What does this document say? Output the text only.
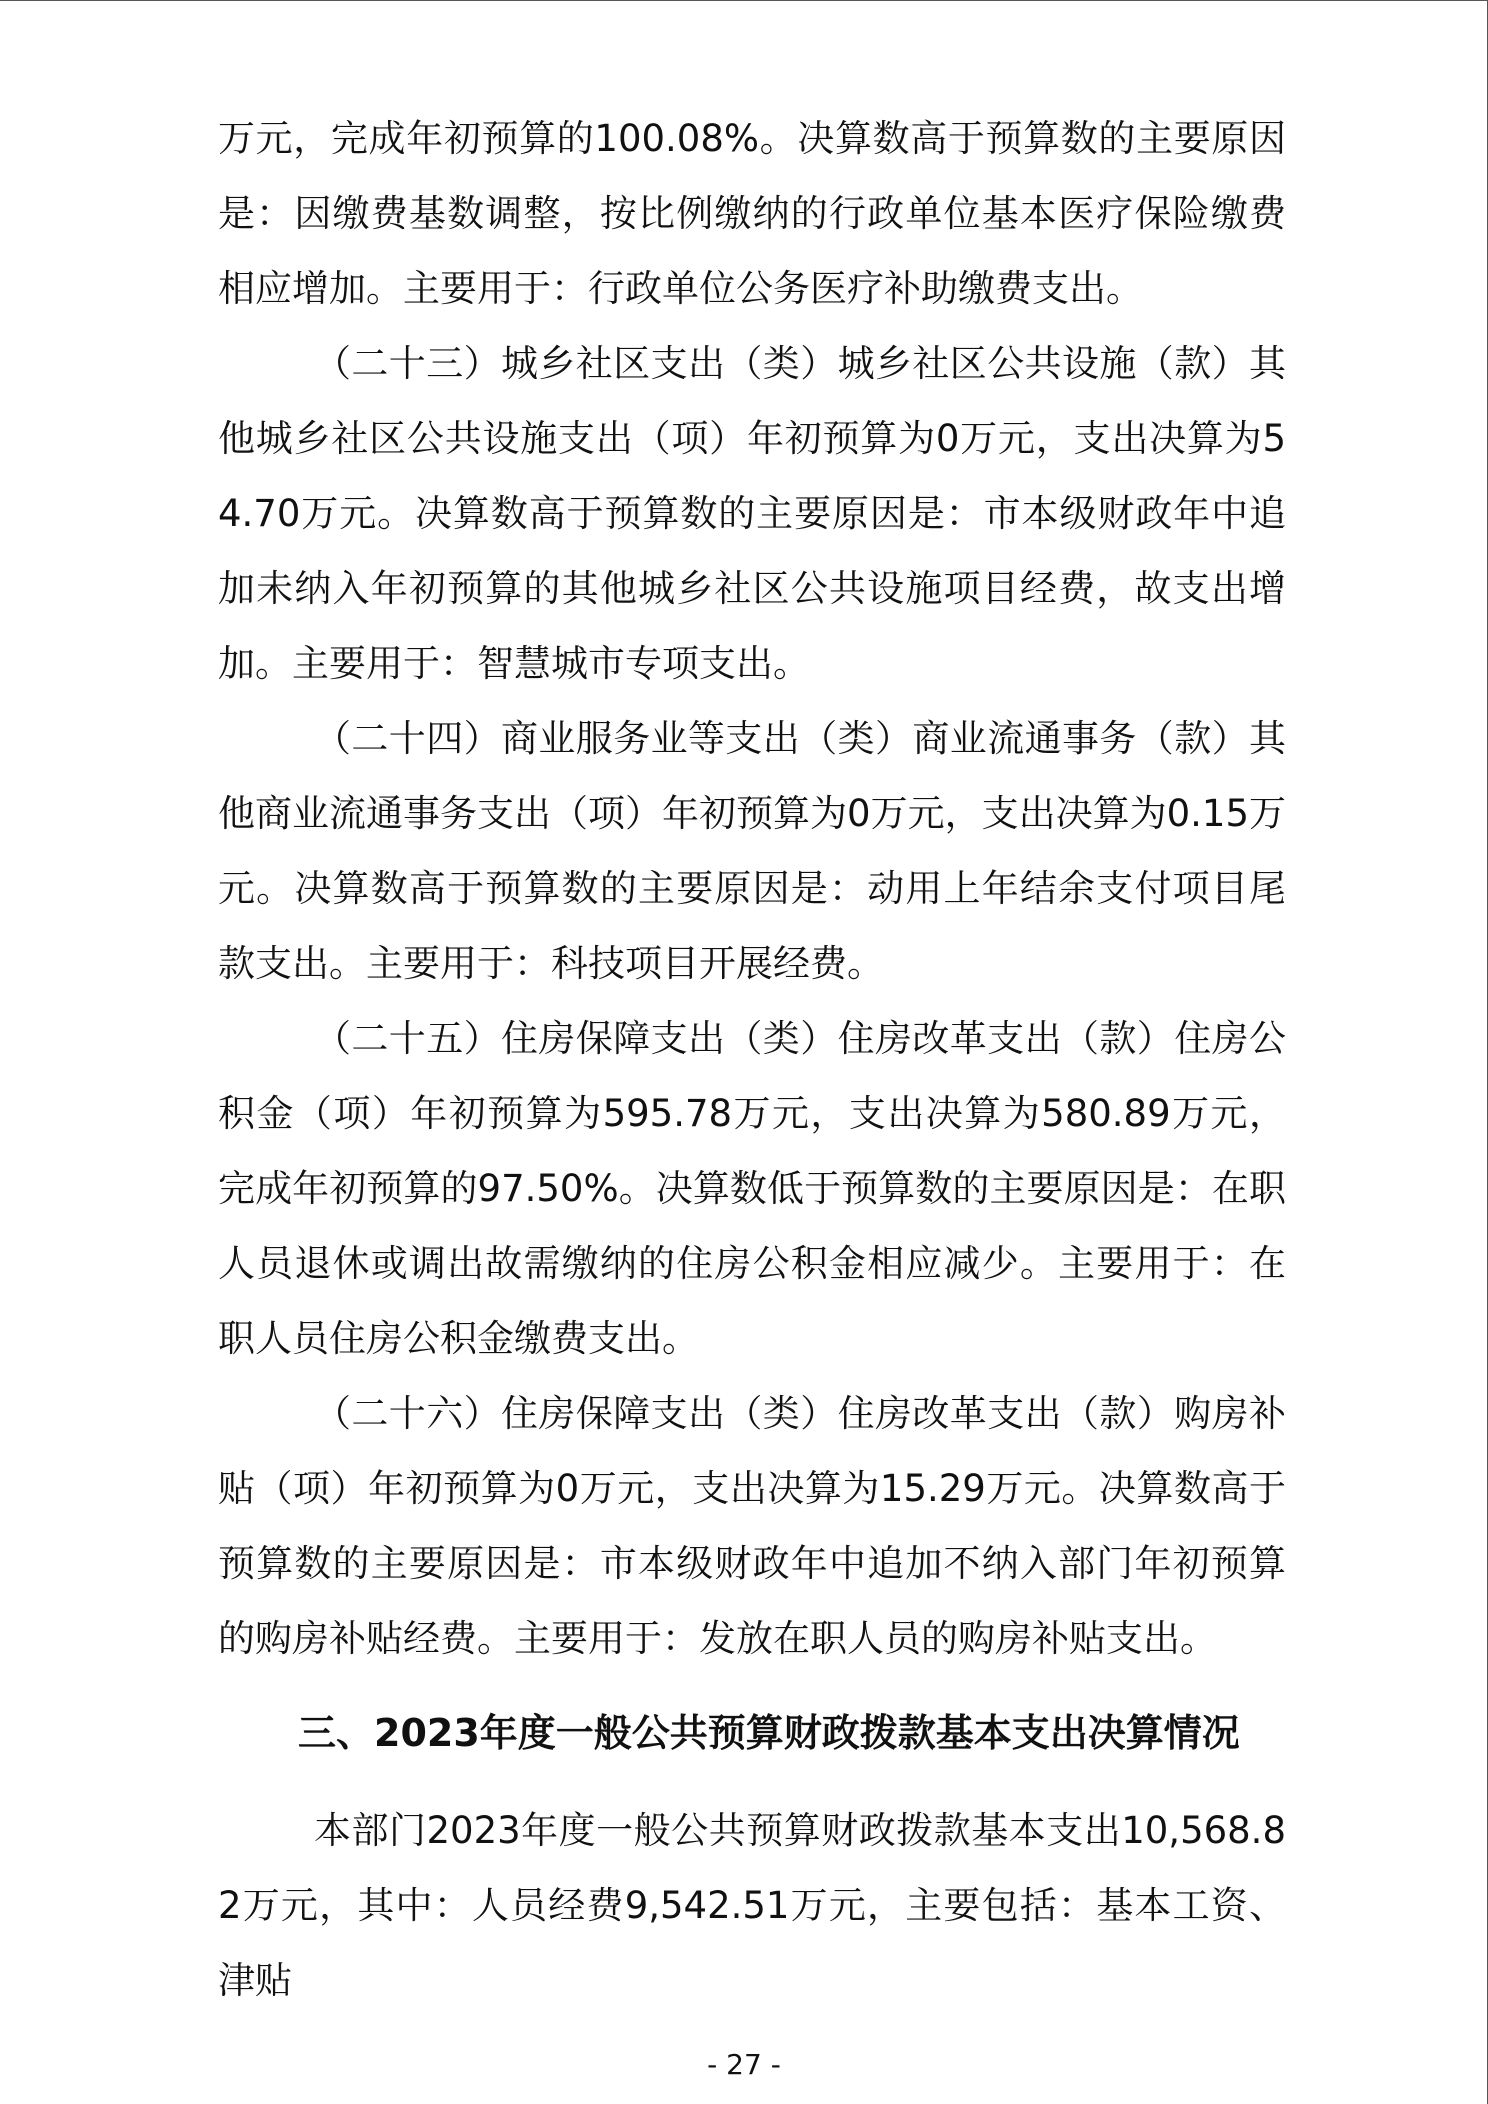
万元，完成年初预算的100.08%。决算数高于预算数的主要原因是：因缴费基数调整，按比例缴纳的行政单位基本医疗保险缴费相应增加。主要用于：行政单位公务医疗补助缴费支出。

（二十三）城乡社区支出（类）城乡社区公共设施（款）其他城乡社区公共设施支出（项）年初预算为0万元，支出决算为54.70万元。决算数高于预算数的主要原因是：市本级财政年中追加未纳入年初预算的其他城乡社区公共设施项目经费，故支出增加。主要用于：智慧城市专项支出。

（二十四）商业服务业等支出（类）商业流通事务（款）其他商业流通事务支出（项）年初预算为0万元，支出决算为0.15万元。决算数高于预算数的主要原因是：动用上年结余支付项目尾款支出。主要用于：科技项目开展经费。

（二十五）住房保障支出（类）住房改革支出（款）住房公积金（项）年初预算为595.78万元，支出决算为580.89万元，完成年初预算的97.50%。决算数低于预算数的主要原因是：在职人员退休或调出故需缴纳的住房公积金相应减少。主要用于：在职人员住房公积金缴费支出。

（二十六）住房保障支出（类）住房改革支出（款）购房补贴（项）年初预算为0万元，支出决算为15.29万元。决算数高于预算数的主要原因是：市本级财政年中追加不纳入部门年初预算的购房补贴经费。主要用于：发放在职人员的购房补贴支出。

三、2023年度一般公共预算财政拨款基本支出决算情况

本部门2023年度一般公共预算财政拨款基本支出10,568.82万元，其中：人员经费9,542.51万元，主要包括：基本工资、津贴

- 27 -
